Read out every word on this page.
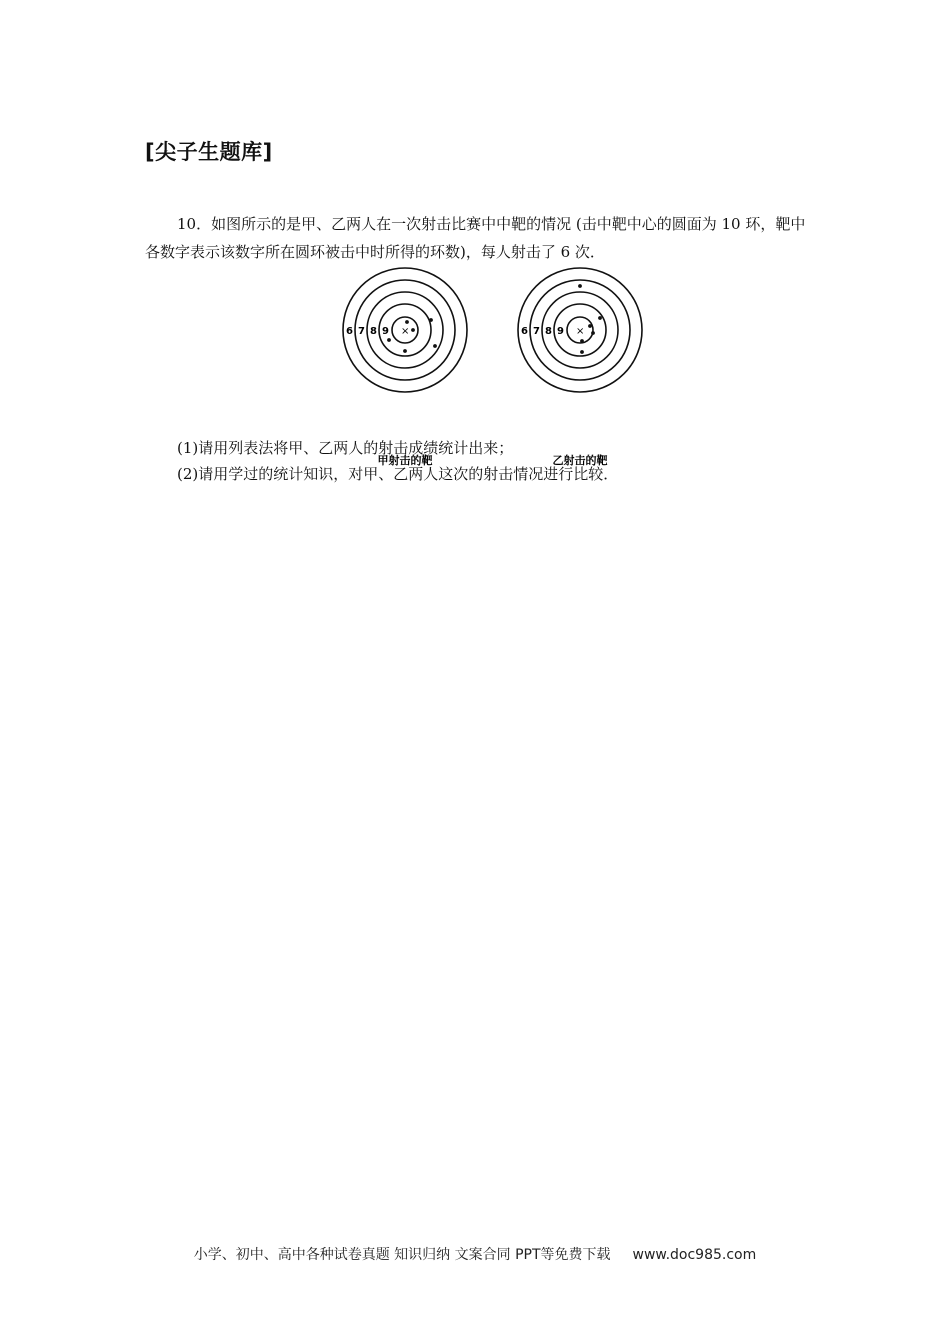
[尖子生题库]
10．如图所示的是甲、乙两人在一次射击比赛中中靶的情况 (击中靶中心的圆面为 10 环，靶中各数字表示该数字所在圆环被击中时所得的环数)，每人射击了 6 次．
6 7 8 9 ×
甲射击的靶
6 7 8 9 ×
乙射击的靶
(1)请用列表法将甲、乙两人的射击成绩统计出来；
(2)请用学过的统计知识，对甲、乙两人这次的射击情况进行比较．
小学、初中、高中各种试卷真题 知识归纳 文案合同 PPT等免费下载 www.doc985.com
